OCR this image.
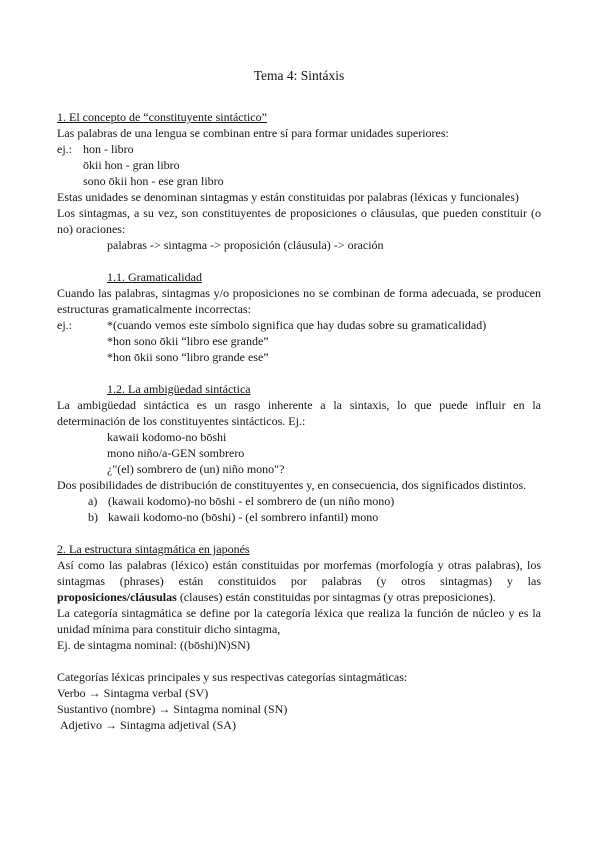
Tema 4: Sintáxis
1. El concepto de “constituyente sintáctico”
Las palabras de una lengua se combinan entre sí para formar unidades superiores:
ej.: hon - libro
ōkii hon - gran libro
sono ōkii hon - ese gran libro
Estas unidades se denominan sintagmas y están constituidas por palabras (léxicas y funcionales)
Los sintagmas, a su vez, son constituyentes de proposiciones o cláusulas, que pueden constituir (o no) oraciones:
palabras -> sintagma -> proposición (cláusula) -> oración
1.1. Gramaticalidad
Cuando las palabras, sintagmas y/o proposiciones no se combinan de forma adecuada, se producen estructuras gramaticalmente incorrectas:
ej.:	*(cuando vemos este símbolo significa que hay dudas sobre su gramaticalidad)
*hon sono ōkii “libro ese grande”
*hon ōkii sono “libro grande ese”
1.2. La ambigüedad sintáctica
La ambigüedad sintáctica es un rasgo inherente a la sintaxis, lo que puede influir en la determinación de los constituyentes sintácticos. Ej.:
kawaii kodomo-no bōshi
mono niño/a-GEN sombrero
¿"(el) sombrero de (un) niño mono"?
Dos posibilidades de distribución de constituyentes y, en consecuencia, dos significados distintos.
a) (kawaii kodomo)-no bōshi - el sombrero de (un niño mono)
b) kawaii kodomo-no (bōshi) - (el sombrero infantil) mono
2. La estructura sintagmática en japonés
Así como las palabras (léxico) están constituidas por morfemas (morfología y otras palabras), los sintagmas (phrases) están constituidos por palabras (y otros sintagmas) y las proposiciones/cláusulas (clauses) están constituidas por sintagmas (y otras preposiciones).
La categoría sintagmática se define por la categoría léxica que realiza la función de núcleo y es la unidad mínima para constituir dicho sintagma,
Ej. de sintagma nominal: ((bōshi)N)SN)
Categorías léxicas principales y sus respectivas categorías sintagmáticas:
Verbo → Sintagma verbal (SV)
Sustantivo (nombre) → Sintagma nominal (SN)
Adjetivo → Sintagma adjetival (SA)
